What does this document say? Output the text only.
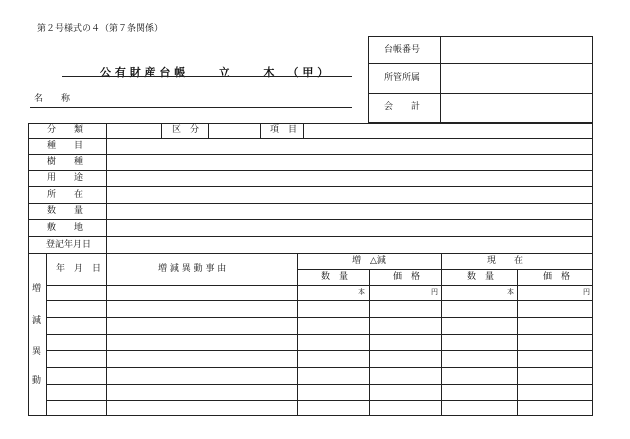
第２号様式の４（第７条関係）
公有財産台帳　　立　　木　（甲）
名　　称
台帳番号
所管所属
会　　計
分　　類	区　分	項　目
種　　目
樹　　種
用　　途
所　　在
数　　量
敷　　地
登記年月日
増
減
異
動
年　月　日	増 減 異 動 事 由
増　△減	現　　在
数　量	価　格	数　量	価　格
本	円	本	円
